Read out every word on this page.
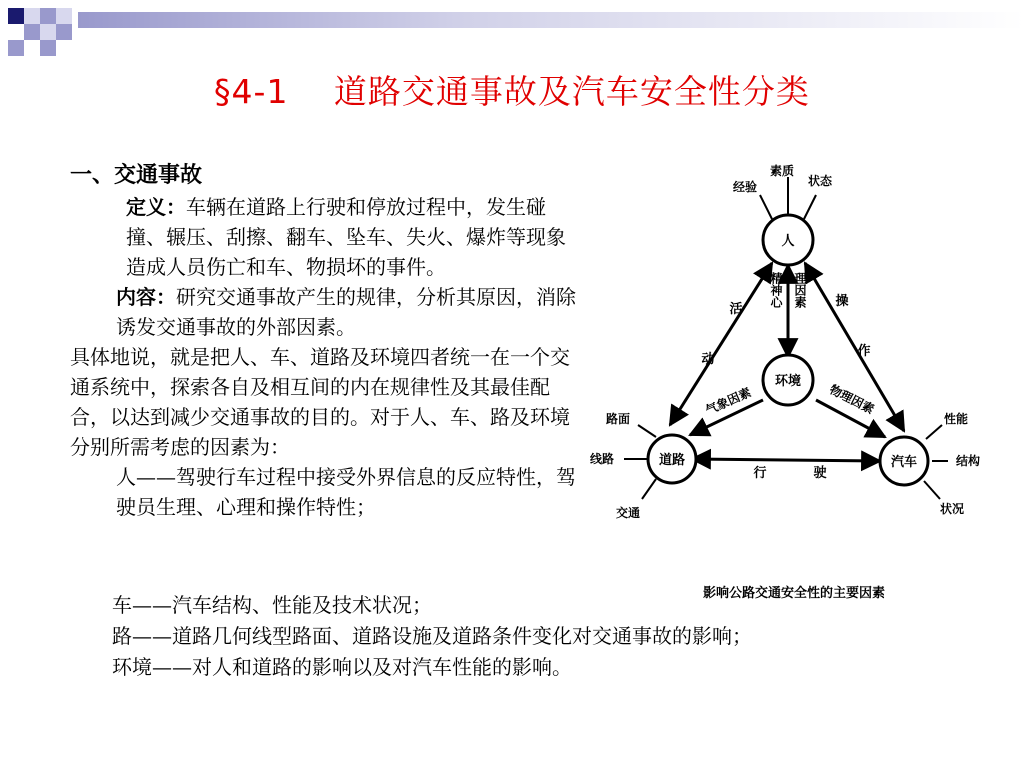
§4-1　 道路交通事故及汽车安全性分类
一、交通事故
定义：车辆在道路上行驶和停放过程中，发生碰撞、辗压、刮擦、翻车、坠车、失火、爆炸等现象造成人员伤亡和车、物损坏的事件。
内容：研究交通事故产生的规律，分析其原因，消除诱发交通事故的外部因素。
具体地说，就是把人、车、道路及环境四者统一在一个交通系统中，探索各自及相互间的内在规律性及其最佳配合，以达到减少交通事故的目的。对于人、车、路及环境分别所需考虑的因素为：
人——驾驶行车过程中接受外界信息的反应特性，驾驶员生理、心理和操作特性；
车——汽车结构、性能及技术状况；
路——道路几何线型路面、道路设施及道路条件变化对交通事故的影响；
环境——对人和道路的影响以及对汽车性能的影响。
人
环境
道路	汽车
经验
素质
状态
路面
线路
交通
性能
结构
状况
活
动
操
作
行	驶
精神心 理因素
气象因素	物理因素
影响公路交通安全性的主要因素
